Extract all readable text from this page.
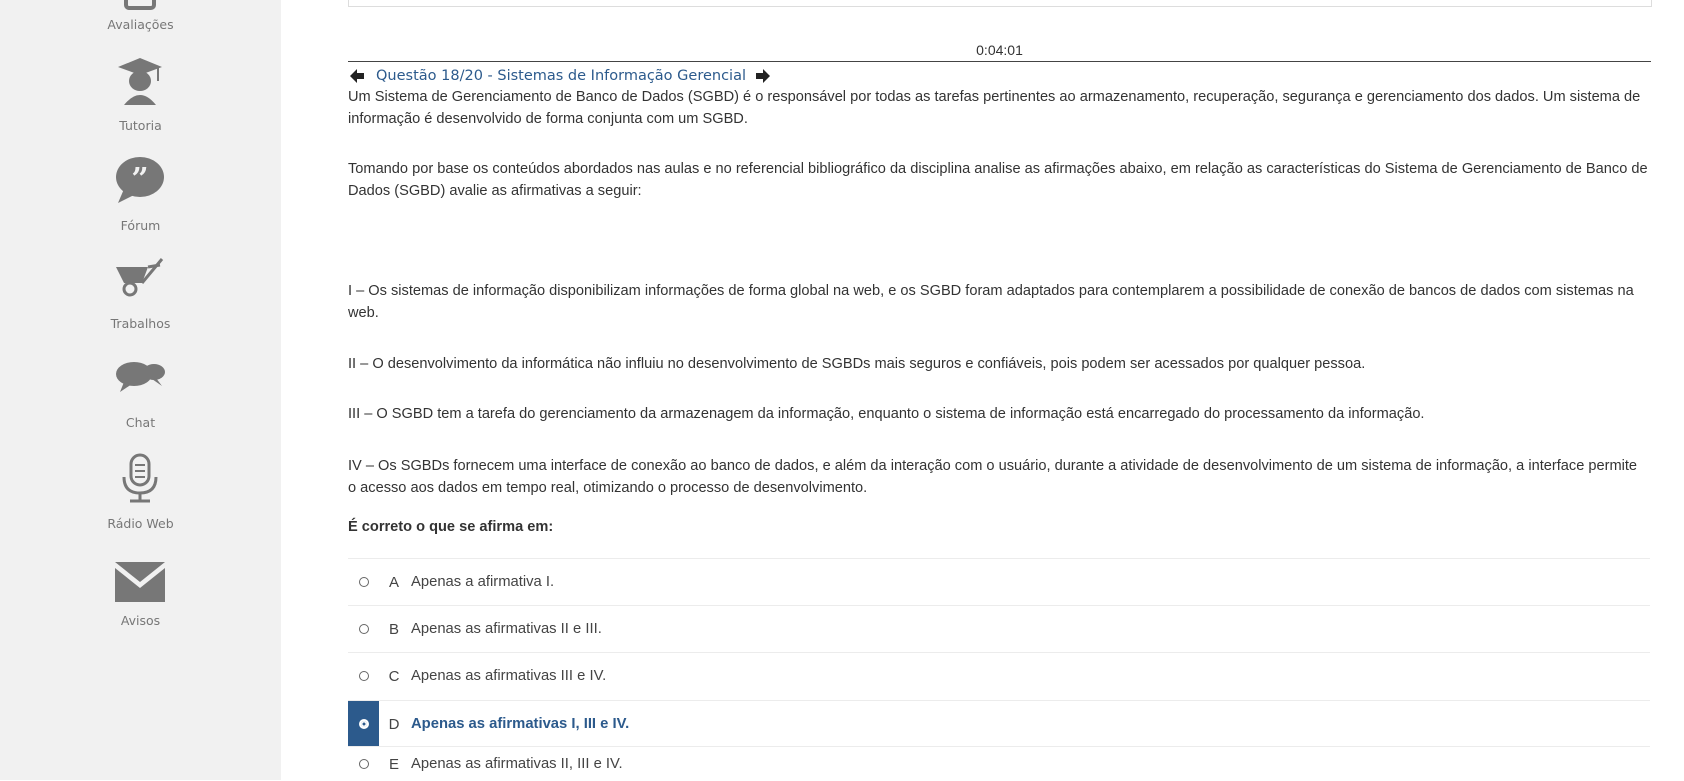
Avaliações
Tutoria
”
Fórum
Trabalhos
Chat
Rádio Web
Avisos
0:04:01
Questão 18/20 - Sistemas de Informação Gerencial

Um Sistema de Gerenciamento de Banco de Dados (SGBD) é o responsável por todas as tarefas pertinentes ao armazenamento, recuperação, segurança e gerenciamento dos dados. Um sistema de informação é desenvolvido de forma conjunta com um SGBD.

Tomando por base os conteúdos abordados nas aulas e no referencial bibliográfico da disciplina analise as afirmações abaixo, em relação as características do Sistema de Gerenciamento de Banco de Dados (SGBD) avalie as afirmativas a seguir:

I – Os sistemas de informação disponibilizam informações de forma global na web, e os SGBD foram adaptados para contemplarem a possibilidade de conexão de bancos de dados com sistemas na web.

II – O desenvolvimento da informática não influiu no desenvolvimento de SGBDs mais seguros e confiáveis, pois podem ser acessados por qualquer pessoa.

III – O SGBD tem a tarefa do gerenciamento da armazenagem da informação, enquanto o sistema de informação está encarregado do processamento da informação.

IV – Os SGBDs fornecem uma interface de conexão ao banco de dados, e além da interação com o usuário, durante a atividade de desenvolvimento de um sistema de informação, a interface permite o acesso aos dados em tempo real, otimizando o processo de desenvolvimento.

É correto o que se afirma em:

A Apenas a afirmativa I.
B Apenas as afirmativas II e III.
C Apenas as afirmativas III e IV.
D Apenas as afirmativas I, III e IV.
E Apenas as afirmativas II, III e IV.
